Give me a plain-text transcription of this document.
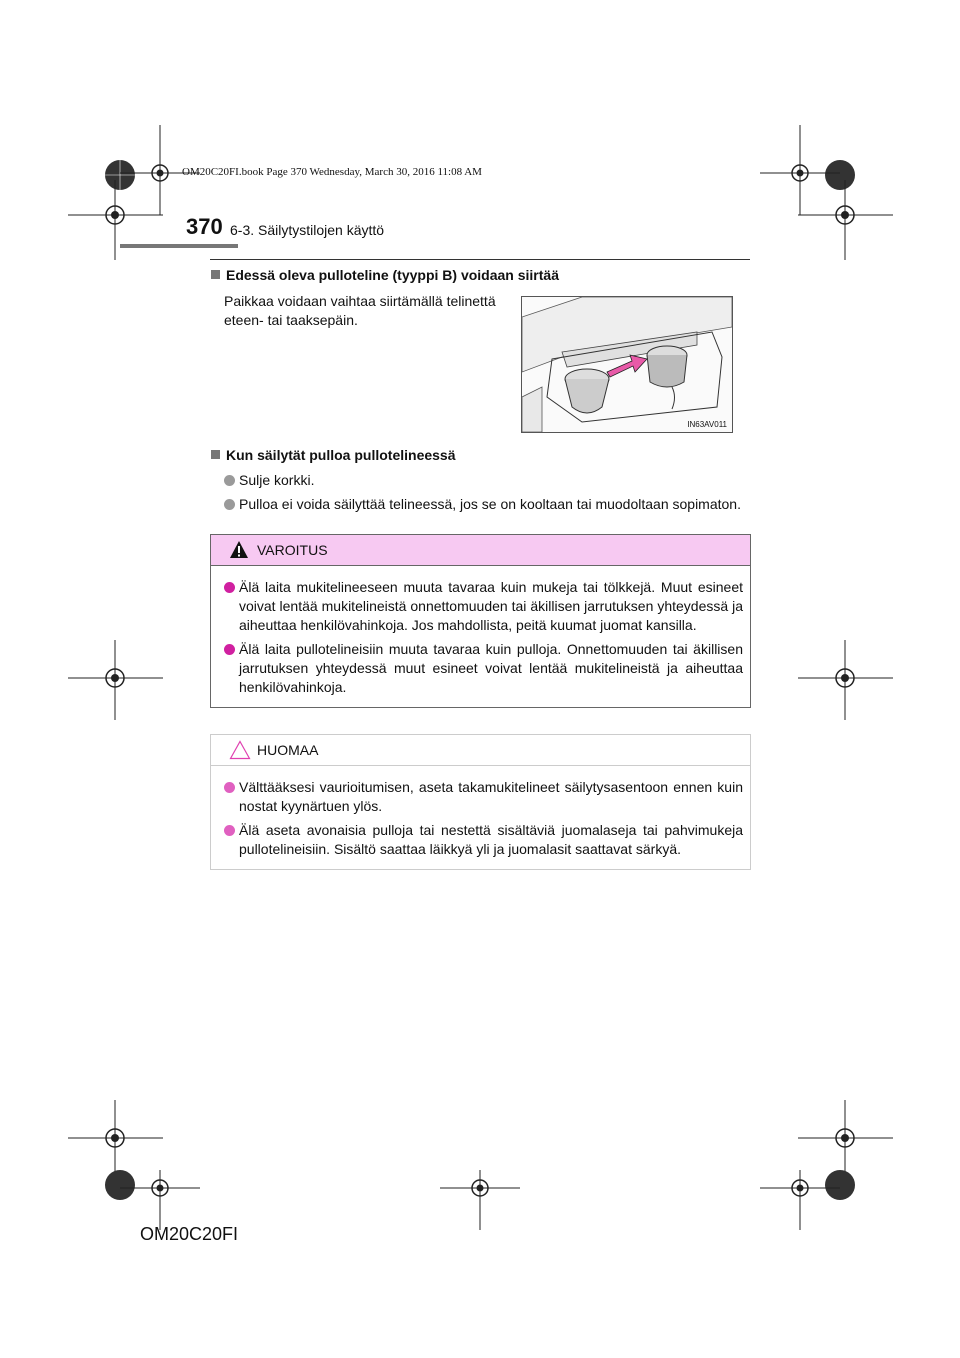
OM20C20FI.book Page 370 Wednesday, March 30, 2016 11:08 AM
370 6-3. Säilytystilojen käyttö
Edessä oleva pulloteline (tyyppi B) voidaan siirtää
Paikkaa voidaan vaihtaa siirtämällä telinettä eteen- tai taaksepäin.
IN63AV011
Kun säilytät pulloa pullotelineessä
Sulje korkki.
Pulloa ei voida säilyttää telineessä, jos se on kooltaan tai muodoltaan sopimaton.
VAROITUS
Älä laita mukitelineeseen muuta tavaraa kuin mukeja tai tölkkejä. Muut esineet voivat lentää mukitelineistä onnettomuuden tai äkillisen jarrutuksen yhteydessä ja aiheuttaa henkilövahinkoja. Jos mahdollista, peitä kuumat juomat kansilla.
Älä laita pullotelineisiin muuta tavaraa kuin pulloja. Onnettomuuden tai äkillisen jarrutuksen yhteydessä muut esineet voivat lentää mukitelineistä ja aiheuttaa henkilövahinkoja.
HUOMAA
Välttääksesi vaurioitumisen, aseta takamukitelineet säilytysasentoon ennen kuin nostat kyynärtuen ylös.
Älä aseta avonaisia pulloja tai nestettä sisältäviä juomalaseja tai pahvimukeja pullotelineisiin. Sisältö saattaa läikkyä yli ja juomalasit saattavat särkyä.
OM20C20FI
